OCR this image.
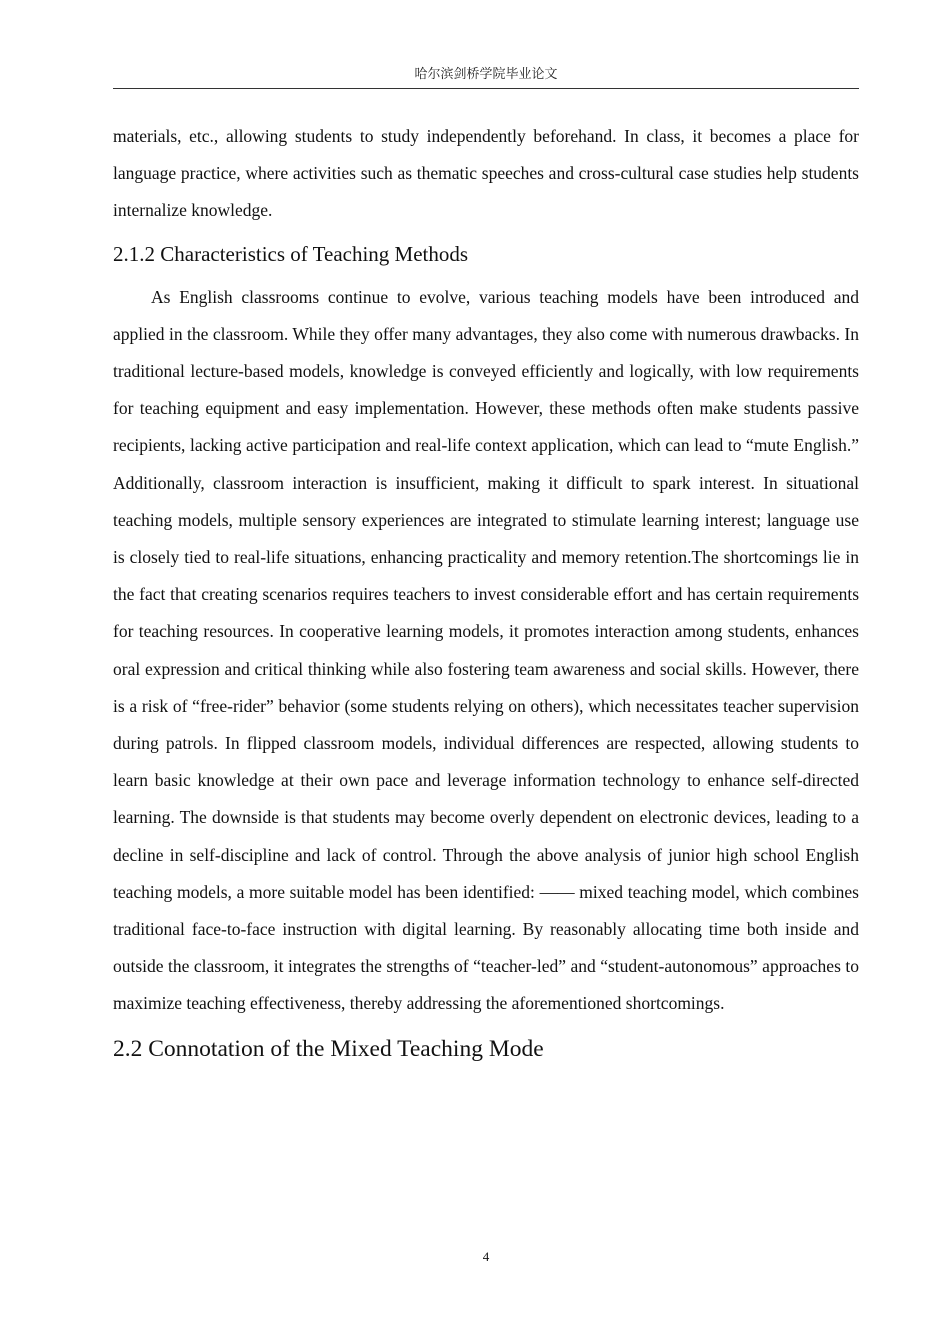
哈尔滨剑桥学院毕业论文

materials, etc., allowing students to study independently beforehand. In class, it becomes a place for language practice, where activities such as thematic speeches and cross-cultural case studies help students internalize knowledge.

2.1.2 Characteristics of Teaching Methods

As English classrooms continue to evolve, various teaching models have been introduced and applied in the classroom. While they offer many advantages, they also come with numerous drawbacks. In traditional lecture-based models, knowledge is conveyed efficiently and logically, with low requirements for teaching equipment and easy implementation. However, these methods often make students passive recipients, lacking active participation and real-life context application, which can lead to “mute English.” Additionally, classroom interaction is insufficient, making it difficult to spark interest. In situational teaching models, multiple sensory experiences are integrated to stimulate learning interest; language use is closely tied to real-life situations, enhancing practicality and memory retention.The shortcomings lie in the fact that creating scenarios requires teachers to invest considerable effort and has certain requirements for teaching resources. In cooperative learning models, it promotes interaction among students, enhances oral expression and critical thinking while also fostering team awareness and social skills. However, there is a risk of “free-rider” behavior (some students relying on others), which necessitates teacher supervision during patrols. In flipped classroom models, individual differences are respected, allowing students to learn basic knowledge at their own pace and leverage information technology to enhance self-directed learning. The downside is that students may become overly dependent on electronic devices, leading to a decline in self-discipline and lack of control. Through the above analysis of junior high school English teaching models, a more suitable model has been identified: —— mixed teaching model, which combines traditional face-to-face instruction with digital learning. By reasonably allocating time both inside and outside the classroom, it integrates the strengths of “teacher-led” and “student-autonomous” approaches to maximize teaching effectiveness, thereby addressing the aforementioned shortcomings.

2.2 Connotation of the Mixed Teaching Mode
4
